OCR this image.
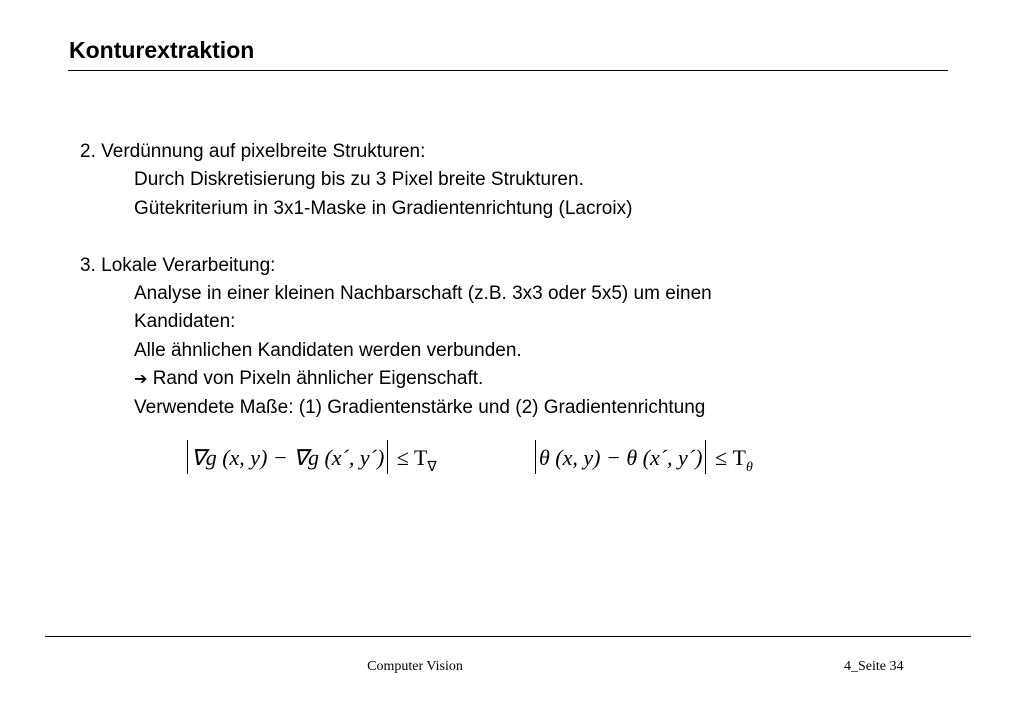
Konturextraktion
2. Verdünnung auf pixelbreite Strukturen:
Durch Diskretisierung bis zu 3 Pixel breite Strukturen.
Gütekriterium in 3x1-Maske in Gradientenrichtung (Lacroix)
3. Lokale Verarbeitung:
Analyse in einer kleinen Nachbarschaft (z.B. 3x3 oder 5x5) um einen
Kandidaten:
Alle ähnlichen Kandidaten werden verbunden.
➔ Rand von Pixeln ähnlicher Eigenschaft.
Verwendete Maße: (1) Gradientenstärke und (2) Gradientenrichtung
∇g (x, y) − ∇g (x´, y´) ≤ $T_\nabla$	θ (x, y) − θ (x´, y´) ≤ $T_\theta$
Computer Vision	4_Seite 34
